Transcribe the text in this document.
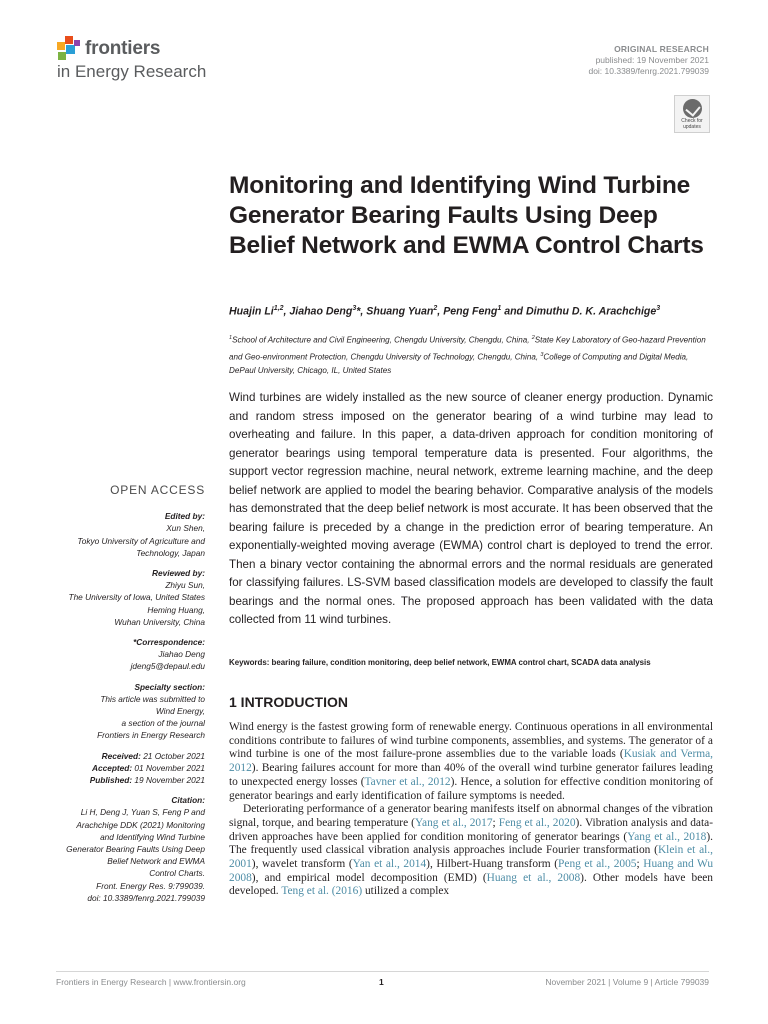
frontiers
in Energy Research
ORIGINAL RESEARCH
published: 19 November 2021
doi: 10.3389/fenrg.2021.799039
Check for
updates
Monitoring and Identifying Wind Turbine Generator Bearing Faults Using Deep Belief Network and EWMA Control Charts
Huajin Li$^{1,2}$, Jiahao Deng$^3$*, Shuang Yuan$^2$, Peng Feng$^1$ and Dimuthu D. K. Arachchige$^3$
$^1$School of Architecture and Civil Engineering, Chengdu University, Chengdu, China, $^2$State Key Laboratory of Geo-hazard Prevention and Geo-environment Protection, Chengdu University of Technology, Chengdu, China, $^3$College of Computing and Digital Media, DePaul University, Chicago, IL, United States

Wind turbines are widely installed as the new source of cleaner energy production. Dynamic and random stress imposed on the generator bearing of a wind turbine may lead to overheating and failure. In this paper, a data-driven approach for condition monitoring of generator bearings using temporal temperature data is presented. Four algorithms, the support vector regression machine, neural network, extreme learning machine, and the deep belief network are applied to model the bearing behavior. Comparative analysis of the models has demonstrated that the deep belief network is most accurate. It has been observed that the bearing failure is preceded by a change in the prediction error of bearing temperature. An exponentially-weighted moving average (EWMA) control chart is deployed to trend the error. Then a binary vector containing the abnormal errors and the normal residuals are generated for classifying failures. LS-SVM based classification models are developed to classify the fault bearings and the normal ones. The proposed approach has been validated with the data collected from 11 wind turbines.

Keywords: bearing failure, condition monitoring, deep belief network, EWMA control chart, SCADA data analysis

OPEN ACCESS
Edited by:
Xun Shen,
Tokyo University of Agriculture and
Technology, Japan
Reviewed by:
Zhiyu Sun,
The University of Iowa, United States
Heming Huang,
Wuhan University, China
*Correspondence:
Jiahao Deng
jdeng5@depaul.edu
Specialty section:
This article was submitted to
Wind Energy,
a section of the journal
Frontiers in Energy Research
Received: 21 October 2021
Accepted: 01 November 2021
Published: 19 November 2021
Citation:
Li H, Deng J, Yuan S, Feng P and
Arachchige DDK (2021) Monitoring
and Identifying Wind Turbine
Generator Bearing Faults Using Deep
Belief Network and EWMA
Control Charts.
Front. Energy Res. 9:799039.
doi: 10.3389/fenrg.2021.799039
1 INTRODUCTION

Wind energy is the fastest growing form of renewable energy. Continuous operations in all environmental conditions contribute to failures of wind turbine components, assemblies, and systems. The generator of a wind turbine is one of the most failure-prone assemblies due to the variable loads (Kusiak and Verma, 2012). Bearing failures account for more than 40% of the overall wind turbine generator failures leading to unexpected energy losses (Tavner et al., 2012). Hence, a solution for effective condition monitoring of generator bearings and early identification of failure symptoms is needed.

Deteriorating performance of a generator bearing manifests itself on abnormal changes of the vibration signal, torque, and bearing temperature (Yang et al., 2017; Feng et al., 2020). Vibration analysis and data-driven approaches have been applied for condition monitoring of generator bearings (Yang et al., 2018). The frequently used classical vibration analysis approaches include Fourier transformation (Klein et al., 2001), wavelet transform (Yan et al., 2014), Hilbert-Huang transform (Peng et al., 2005; Huang and Wu 2008), and empirical model decomposition (EMD) (Huang et al., 2008). Other models have been developed. Teng et al. (2016) utilized a complex

Frontiers in Energy Research | www.frontiersin.org	1	November 2021 | Volume 9 | Article 799039
